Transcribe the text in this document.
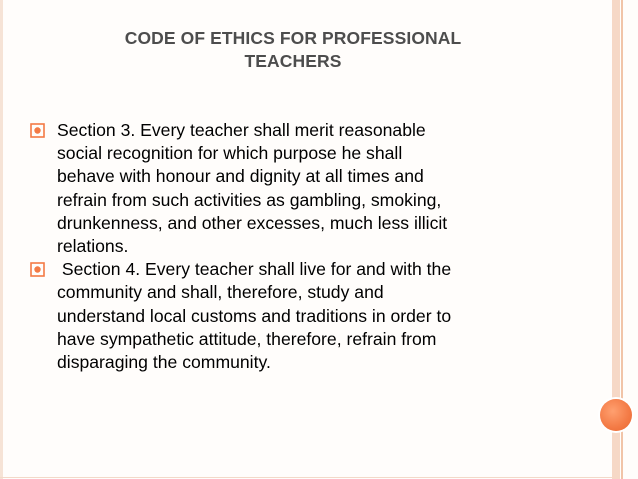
CODE OF ETHICS FOR PROFESSIONAL
TEACHERS
Section 3. Every teacher shall merit reasonable
social recognition for which purpose he shall
behave with honour and dignity at all times and
refrain from such activities as gambling, smoking,
drunkenness, and other excesses, much less illicit
relations.
Section 4. Every teacher shall live for and with the
community and shall, therefore, study and
understand local customs and traditions in order to
have sympathetic attitude, therefore, refrain from
disparaging the community.
